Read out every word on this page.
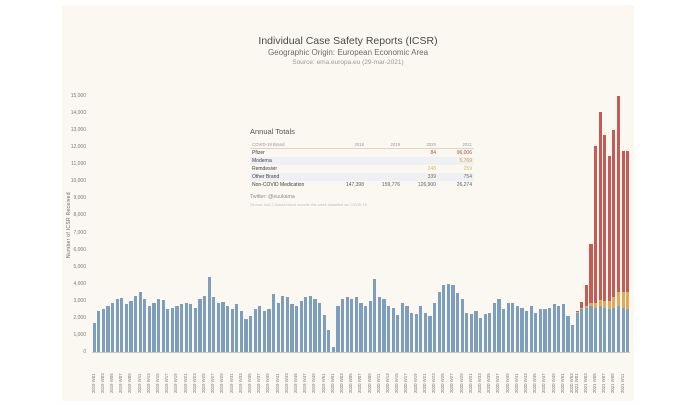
Individual Case Safety Reports (ICSR)
Geographic Origin: European Economic Area
Source: ema.europa.eu (29-mar-2021)
Number of ICSR Received
0
1,000
2,000
3,000
4,000
5,000
6,000
7,000
8,000
9,000
10,000
11,000
12,000
13,000
14,000
15,000
2019 W01 2019 W03 2019 W05 2019 W07 2019 W09 2019 W11 2019 W13 2019 W15 2019 W17 2019 W19 2019 W21 2019 W23 2019 W25 2019 W27 2019 W29 2019 W31 2019 W33 2019 W35 2019 W37 2019 W39 2019 W41 2019 W43 2019 W45 2019 W47 2019 W49 2019 W51 2020 W01 2020 W03 2020 W05 2020 W07 2020 W09 2020 W11 2020 W13 2020 W15 2020 W17 2020 W19 2020 W21 2020 W23 2020 W25 2020 W27 2020 W29 2020 W31 2020 W33 2020 W35 2020 W37 2020 W39 2020 W41 2020 W43 2020 W45 2020 W47 2020 W49 2020 W51 2020 W53 2021 W01 2021 W03 2021 W05 2021 W07 2021 W09 2021 W11
Annual Totals
COVID-19 Brand	2018	2019	2020	2021
Pfizer			84	96,006
Moderna				5,769
Remdesivir			248	259
Other Brand			339	754
Non-COVID Medication	147,398	159,776	126,900	26,274
Twitter: @euukama
29-mar: had 2 AstraZeneca records this week classified as COVID-19
